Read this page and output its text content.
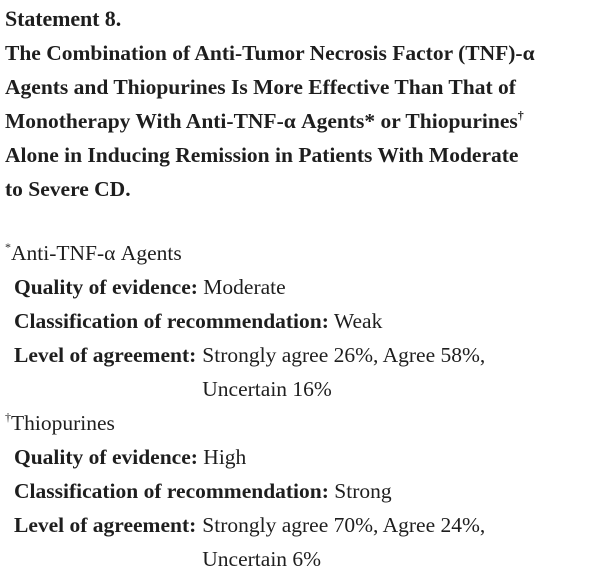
Statement 8.
The Combination of Anti-Tumor Necrosis Factor (TNF)-α
Agents and Thiopurines Is More Effective Than That of
Monotherapy With Anti-TNF-α Agents* or Thiopurines†
Alone in Inducing Remission in Patients With Moderate
to Severe CD.
*Anti-TNF-α Agents
Quality of evidence: Moderate
Classification of recommendation: Weak
Level of agreement: Strongly agree 26%, Agree 58%,
Uncertain 16%
†Thiopurines
Quality of evidence: High
Classification of recommendation: Strong
Level of agreement: Strongly agree 70%, Agree 24%,
Uncertain 6%
